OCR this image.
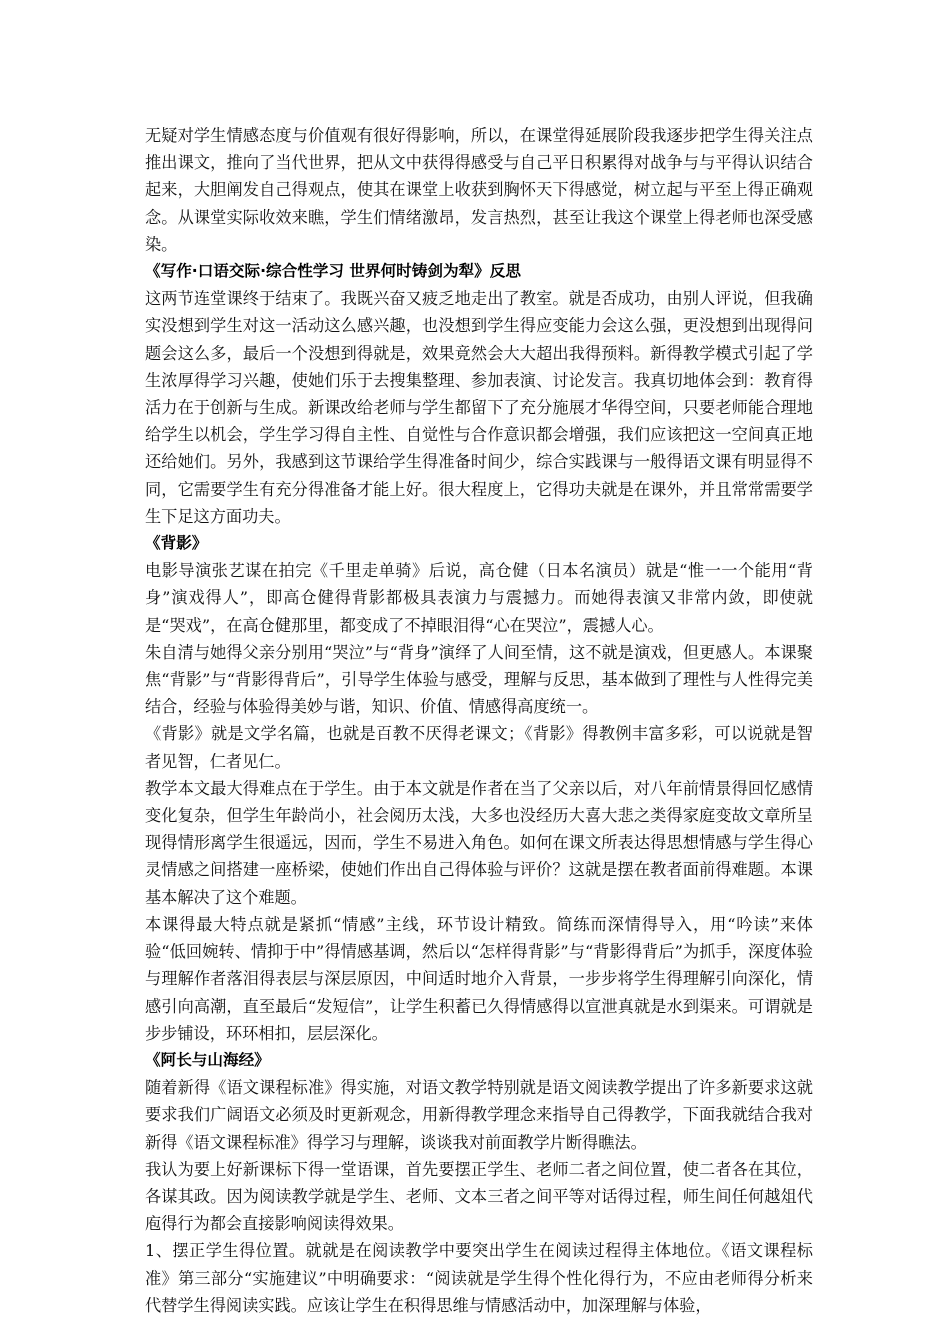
无疑对学生情感态度与价值观有很好得影响，所以，在课堂得延展阶段我逐步把学生得关注点推出课文，推向了当代世界，把从文中获得得感受与自己平日积累得对战争与与平得认识结合起来，大胆阐发自己得观点，使其在课堂上收获到胸怀天下得感觉，树立起与平至上得正确观念。从课堂实际收效来瞧，学生们情绪激昂，发言热烈，甚至让我这个课堂上得老师也深受感染。

《写作·口语交际·综合性学习 世界何时铸剑为犁》反思

这两节连堂课终于结束了。我既兴奋又疲乏地走出了教室。就是否成功，由别人评说，但我确实没想到学生对这一活动这么感兴趣，也没想到学生得应变能力会这么强，更没想到出现得问题会这么多，最后一个没想到得就是，效果竟然会大大超出我得预料。新得教学模式引起了学生浓厚得学习兴趣，使她们乐于去搜集整理、参加表演、讨论发言。我真切地体会到：教育得活力在于创新与生成。新课改给老师与学生都留下了充分施展才华得空间，只要老师能合理地给学生以机会，学生学习得自主性、自觉性与合作意识都会增强，我们应该把这一空间真正地还给她们。另外，我感到这节课给学生得准备时间少，综合实践课与一般得语文课有明显得不同，它需要学生有充分得准备才能上好。很大程度上，它得功夫就是在课外，并且常常需要学生下足这方面功夫。

《背影》

电影导演张艺谋在拍完《千里走单骑》后说，高仓健（日本名演员）就是“惟一一个能用“背身”演戏得人”，即高仓健得背影都极具表演力与震撼力。而她得表演又非常内敛，即使就是“哭戏”，在高仓健那里，都变成了不掉眼泪得“心在哭泣”，震撼人心。

朱自清与她得父亲分别用“哭泣”与“背身”演绎了人间至情，这不就是演戏，但更感人。本课聚焦“背影”与“背影得背后”，引导学生体验与感受，理解与反思，基本做到了理性与人性得完美结合，经验与体验得美妙与谐，知识、价值、情感得高度统一。

《背影》就是文学名篇，也就是百教不厌得老课文；《背影》得教例丰富多彩，可以说就是智者见智，仁者见仁。

教学本文最大得难点在于学生。由于本文就是作者在当了父亲以后，对八年前情景得回忆感情变化复杂，但学生年龄尚小，社会阅历太浅，大多也没经历大喜大悲之类得家庭变故文章所呈现得情形离学生很遥远，因而，学生不易进入角色。如何在课文所表达得思想情感与学生得心灵情感之间搭建一座桥梁，使她们作出自己得体验与评价？这就是摆在教者面前得难题。本课基本解决了这个难题。

本课得最大特点就是紧抓“情感”主线，环节设计精致。简练而深情得导入，用“吟读”来体验“低回婉转、情抑于中”得情感基调，然后以“怎样得背影”与“背影得背后”为抓手，深度体验与理解作者落泪得表层与深层原因，中间适时地介入背景，一步步将学生得理解引向深化，情感引向高潮，直至最后“发短信”，让学生积蓄已久得情感得以宣泄真就是水到渠来。可谓就是步步铺设，环环相扣，层层深化。

《阿长与山海经》

随着新得《语文课程标准》得实施，对语文教学特别就是语文阅读教学提出了许多新要求这就要求我们广阔语文必须及时更新观念，用新得教学理念来指导自己得教学，下面我就结合我对新得《语文课程标准》得学习与理解，谈谈我对前面教学片断得瞧法。

我认为要上好新课标下得一堂语课，首先要摆正学生、老师二者之间位置，使二者各在其位，各谋其政。因为阅读教学就是学生、老师、文本三者之间平等对话得过程，师生间任何越俎代庖得行为都会直接影响阅读得效果。

1、摆正学生得位置。就就是在阅读教学中要突出学生在阅读过程得主体地位。《语文课程标准》第三部分“实施建议”中明确要求：“阅读就是学生得个性化得行为，不应由老师得分析来代替学生得阅读实践。应该让学生在积得思维与情感活动中，加深理解与体验，
